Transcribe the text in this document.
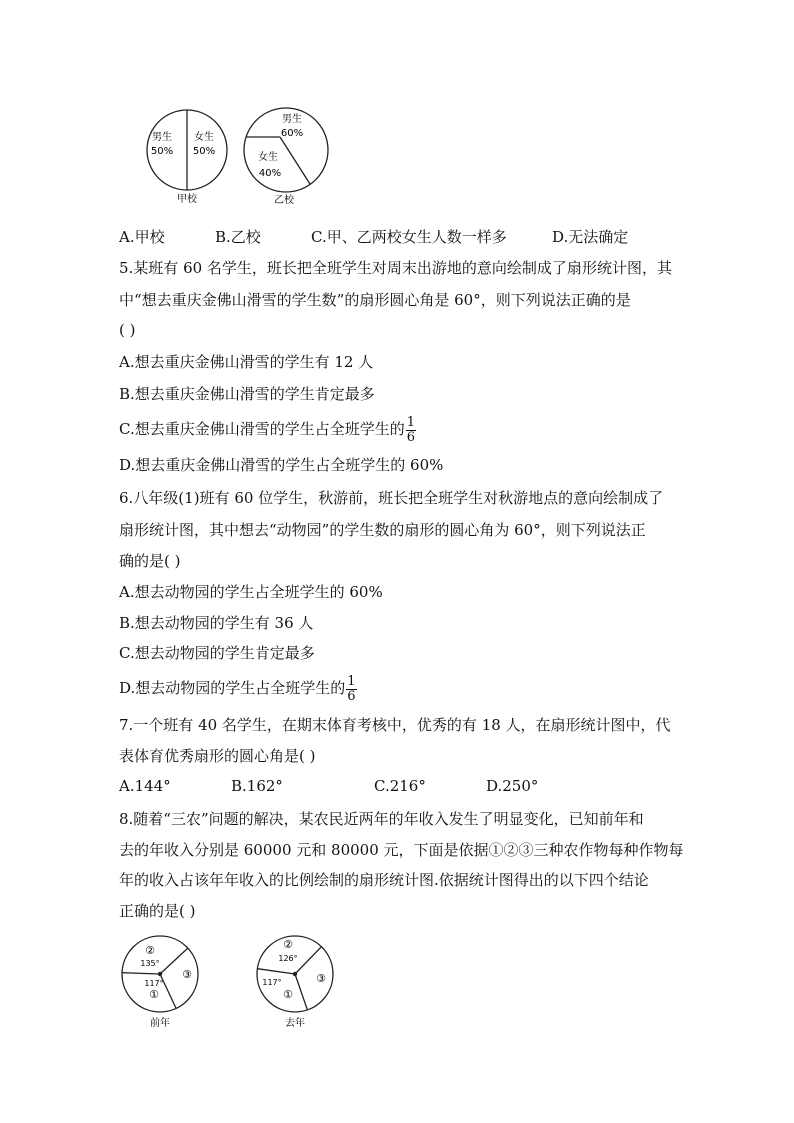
男生
50%
女生
50%
甲校
男生
60%
女生
40%
乙校
A.甲校	B.乙校	C.甲、乙两校女生人数一样多	D.无法确定
5.某班有 60 名学生，班长把全班学生对周末出游地的意向绘制成了扇形统计图，其
中“想去重庆金佛山滑雪的学生数”的扇形圆心角是 60°，则下列说法正确的是
( )
A.想去重庆金佛山滑雪的学生有 12 人
B.想去重庆金佛山滑雪的学生肯定最多
C.想去重庆金佛山滑雪的学生占全班学生的 $\frac{1}{6}$
D.想去重庆金佛山滑雪的学生占全班学生的 60%
6.八年级(1)班有 60 位学生，秋游前，班长把全班学生对秋游地点的意向绘制成了
扇形统计图，其中想去“动物园”的学生数的扇形的圆心角为 60°，则下列说法正
确的是( )
A.想去动物园的学生占全班学生的 60%
B.想去动物园的学生有 36 人
C.想去动物园的学生肯定最多
D.想去动物园的学生占全班学生的 $\frac{1}{6}$
7.一个班有 40 名学生，在期末体育考核中，优秀的有 18 人，在扇形统计图中，代
表体育优秀扇形的圆心角是( )
A.144°	B.162°	C.216°	D.250°
8.随着“三农”问题的解决，某农民近两年的年收入发生了明显变化，已知前年和
去的年收入分别是 60000 元和 80000 元，下面是依据①②③三种农作物每种作物每
年的收入占该年年收入的比例绘制的扇形统计图.依据统计图得出的以下四个结论
正确的是( )
②
135°
③
117°
①
前年
②
126°
③
117°
①
去年
